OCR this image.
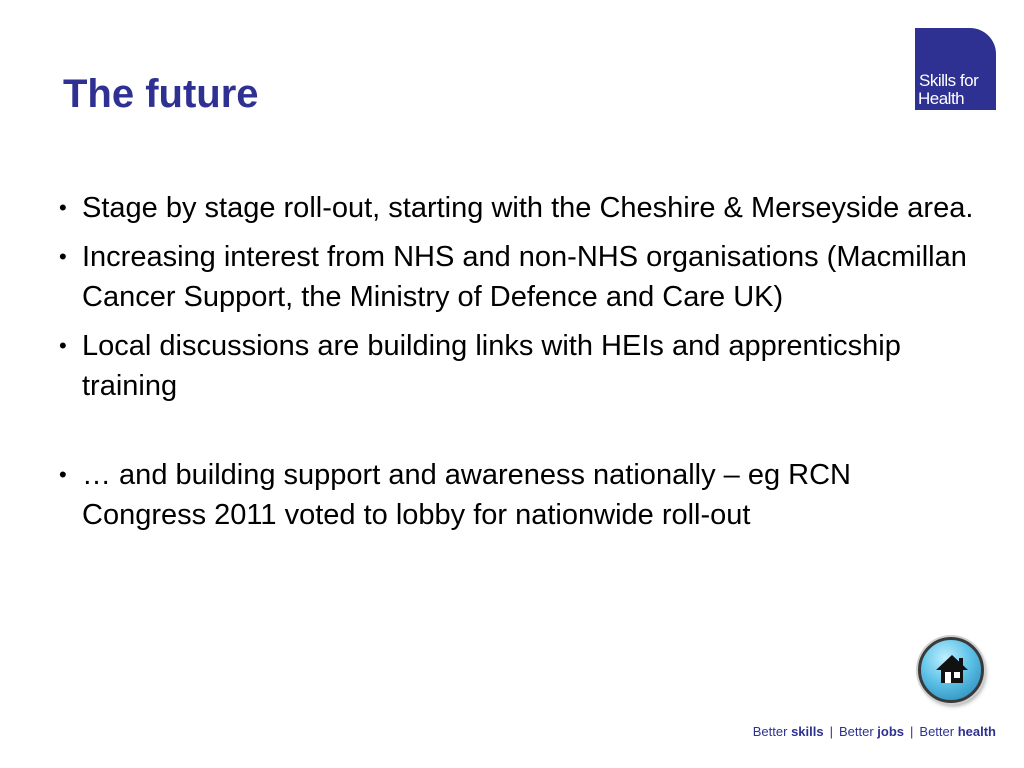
The future	Skills for
Health
• Stage by stage roll-out, starting with the Cheshire & Merseyside area.
• Increasing interest from NHS and non-NHS organisations (Macmillan Cancer Support, the Ministry of Defence and Care UK)
• Local discussions are building links with HEIs and apprenticship training
• … and building support and awareness nationally – eg RCN Congress 2011 voted to lobby for nationwide roll-out
Better skills | Better jobs | Better health
